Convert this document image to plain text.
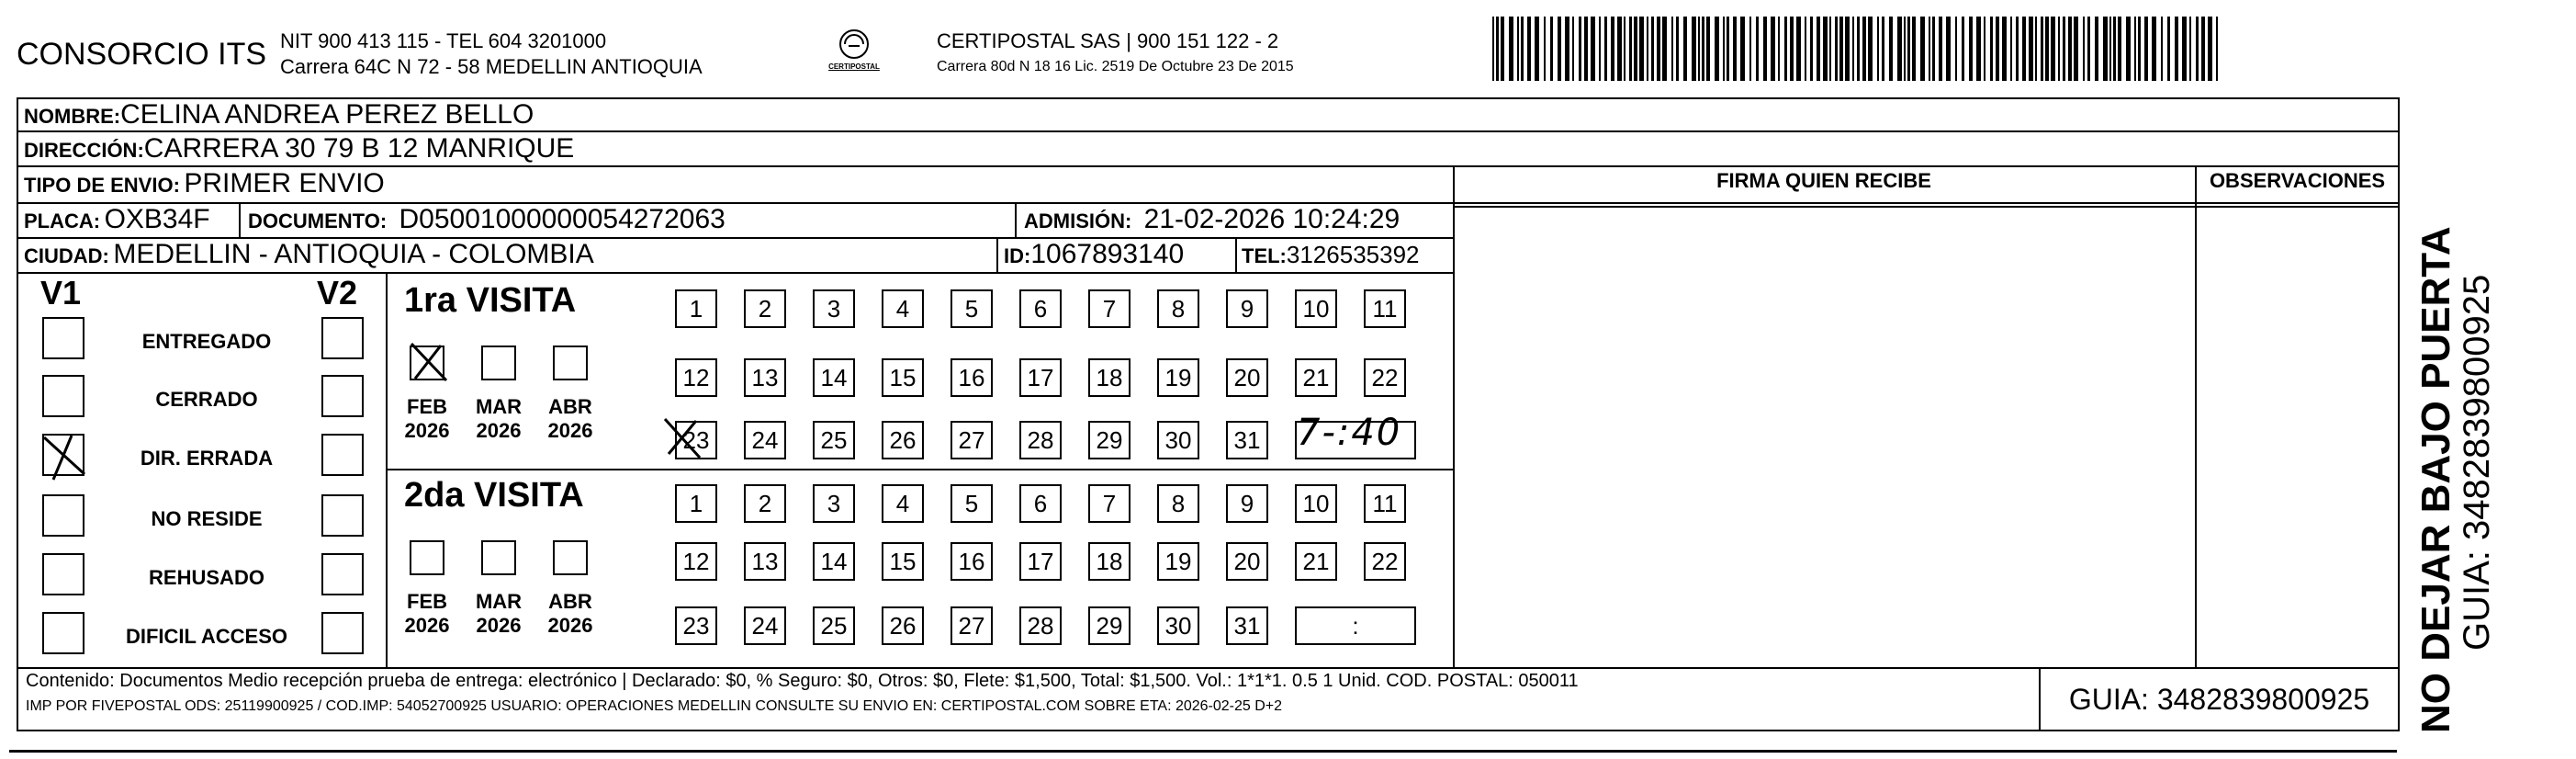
CONSORCIO ITS NIT 900 413 115 - TEL 604 3201000
Carrera 64C N 72 - 58 MEDELLIN ANTIOQUIA	CERTIPOSTAL
CERTIPOSTAL SAS | 900 151 122 - 2
Carrera 80d N 18 16 Lic. 2519 De Octubre 23 De 2015
NOMBRE:CELINA ANDREA PEREZ BELLO
DIRECCIÓN:CARRERA 30 79 B 12 MANRIQUE
TIPO DE ENVIO: PRIMER ENVIO
PLACA: OXB34F DOCUMENTO: D05001000000054272063	ADMISIÓN: 21-02-2026 10:24:29
CIUDAD: MEDELLIN - ANTIOQUIA - COLOMBIA	ID:1067893140	TEL:3126535392
FIRMA QUIEN RECIBE	OBSERVACIONES
V1	V2
ENTREGADO
CERRADO
DIR. ERRADA
NO RESIDE
REHUSADO
DIFICIL ACCESO
1ra VISITA
2da VISITA
FEB
2026
MAR
2026
ABR
2026
FEB
2026
MAR
2026
ABR
2026
1	2	3	4	5	6	7	8	9	10	11
12	13	14	15	16	17	18	19	20	21	22
23	24	25	26	27	28	29	30	31
1	2	3	4	5	6	7	8	9	10	11
12	13	14	15	16	17	18	19	20	21	22
23	24	25	26	27	28	29	30	31	:
7-:40
Contenido: Documentos Medio recepción prueba de entrega: electrónico | Declarado: $0, % Seguro: $0, Otros: $0, Flete: $1,500, Total: $1,500. Vol.: 1*1*1. 0.5 1 Unid. COD. POSTAL: 050011
IMP POR FIVEPOSTAL ODS: 25119900925 / COD.IMP: 54052700925 USUARIO: OPERACIONES MEDELLIN CONSULTE SU ENVIO EN: CERTIPOSTAL.COM SOBRE ETA: 2026-02-25 D+2	GUIA: 3482839800925	NO DEJAR BAJO PUERTA
GUIA: 3482839800925
